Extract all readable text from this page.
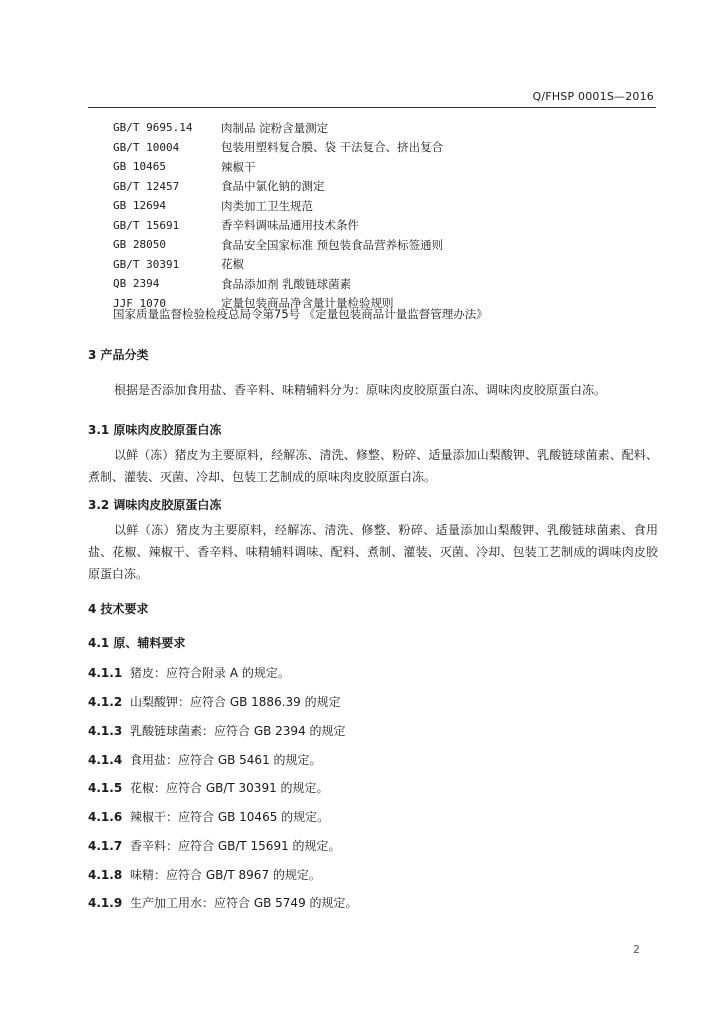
Q/FHSP 0001S—2016
GB/T 9695.14	肉制品 淀粉含量测定
GB/T 10004	包装用塑料复合膜、袋 干法复合、挤出复合
GB 10465	辣椒干
GB/T 12457	食品中氯化钠的测定
GB 12694	肉类加工卫生规范
GB/T 15691	香辛料调味品通用技术条件
GB 28050	食品安全国家标准 预包装食品营养标签通则
GB/T 30391	花椒
QB 2394	食品添加剂 乳酸链球菌素
JJF 1070	定量包装商品净含量计量检验规则
国家质量监督检验检疫总局令第75号 《定量包装商品计量监督管理办法》
3 产品分类
根据是否添加食用盐、香辛料、味精辅料分为：原味肉皮胶原蛋白冻、调味肉皮胶原蛋白冻。
3.1 原味肉皮胶原蛋白冻
以鲜（冻）猪皮为主要原料，经解冻、清洗、修整、粉碎、适量添加山梨酸钾、乳酸链球菌素、配料、煮制、灌装、灭菌、冷却、包装工艺制成的原味肉皮胶原蛋白冻。
3.2 调味肉皮胶原蛋白冻
以鲜（冻）猪皮为主要原料，经解冻、清洗、修整、粉碎、适量添加山梨酸钾、乳酸链球菌素、食用盐、花椒、辣椒干、香辛料、味精辅料调味、配料、煮制、灌装、灭菌、冷却、包装工艺制成的调味肉皮胶原蛋白冻。
4 技术要求
4.1 原、辅料要求
4.1.1 猪皮：应符合附录 A 的规定。
4.1.2 山梨酸钾：应符合 GB 1886.39 的规定
4.1.3 乳酸链球菌素：应符合 GB 2394 的规定
4.1.4 食用盐：应符合 GB 5461 的规定。
4.1.5 花椒：应符合 GB/T 30391 的规定。
4.1.6 辣椒干：应符合 GB 10465 的规定。
4.1.7 香辛料：应符合 GB/T 15691 的规定。
4.1.8 味精：应符合 GB/T 8967 的规定。
4.1.9 生产加工用水：应符合 GB 5749 的规定。
2
